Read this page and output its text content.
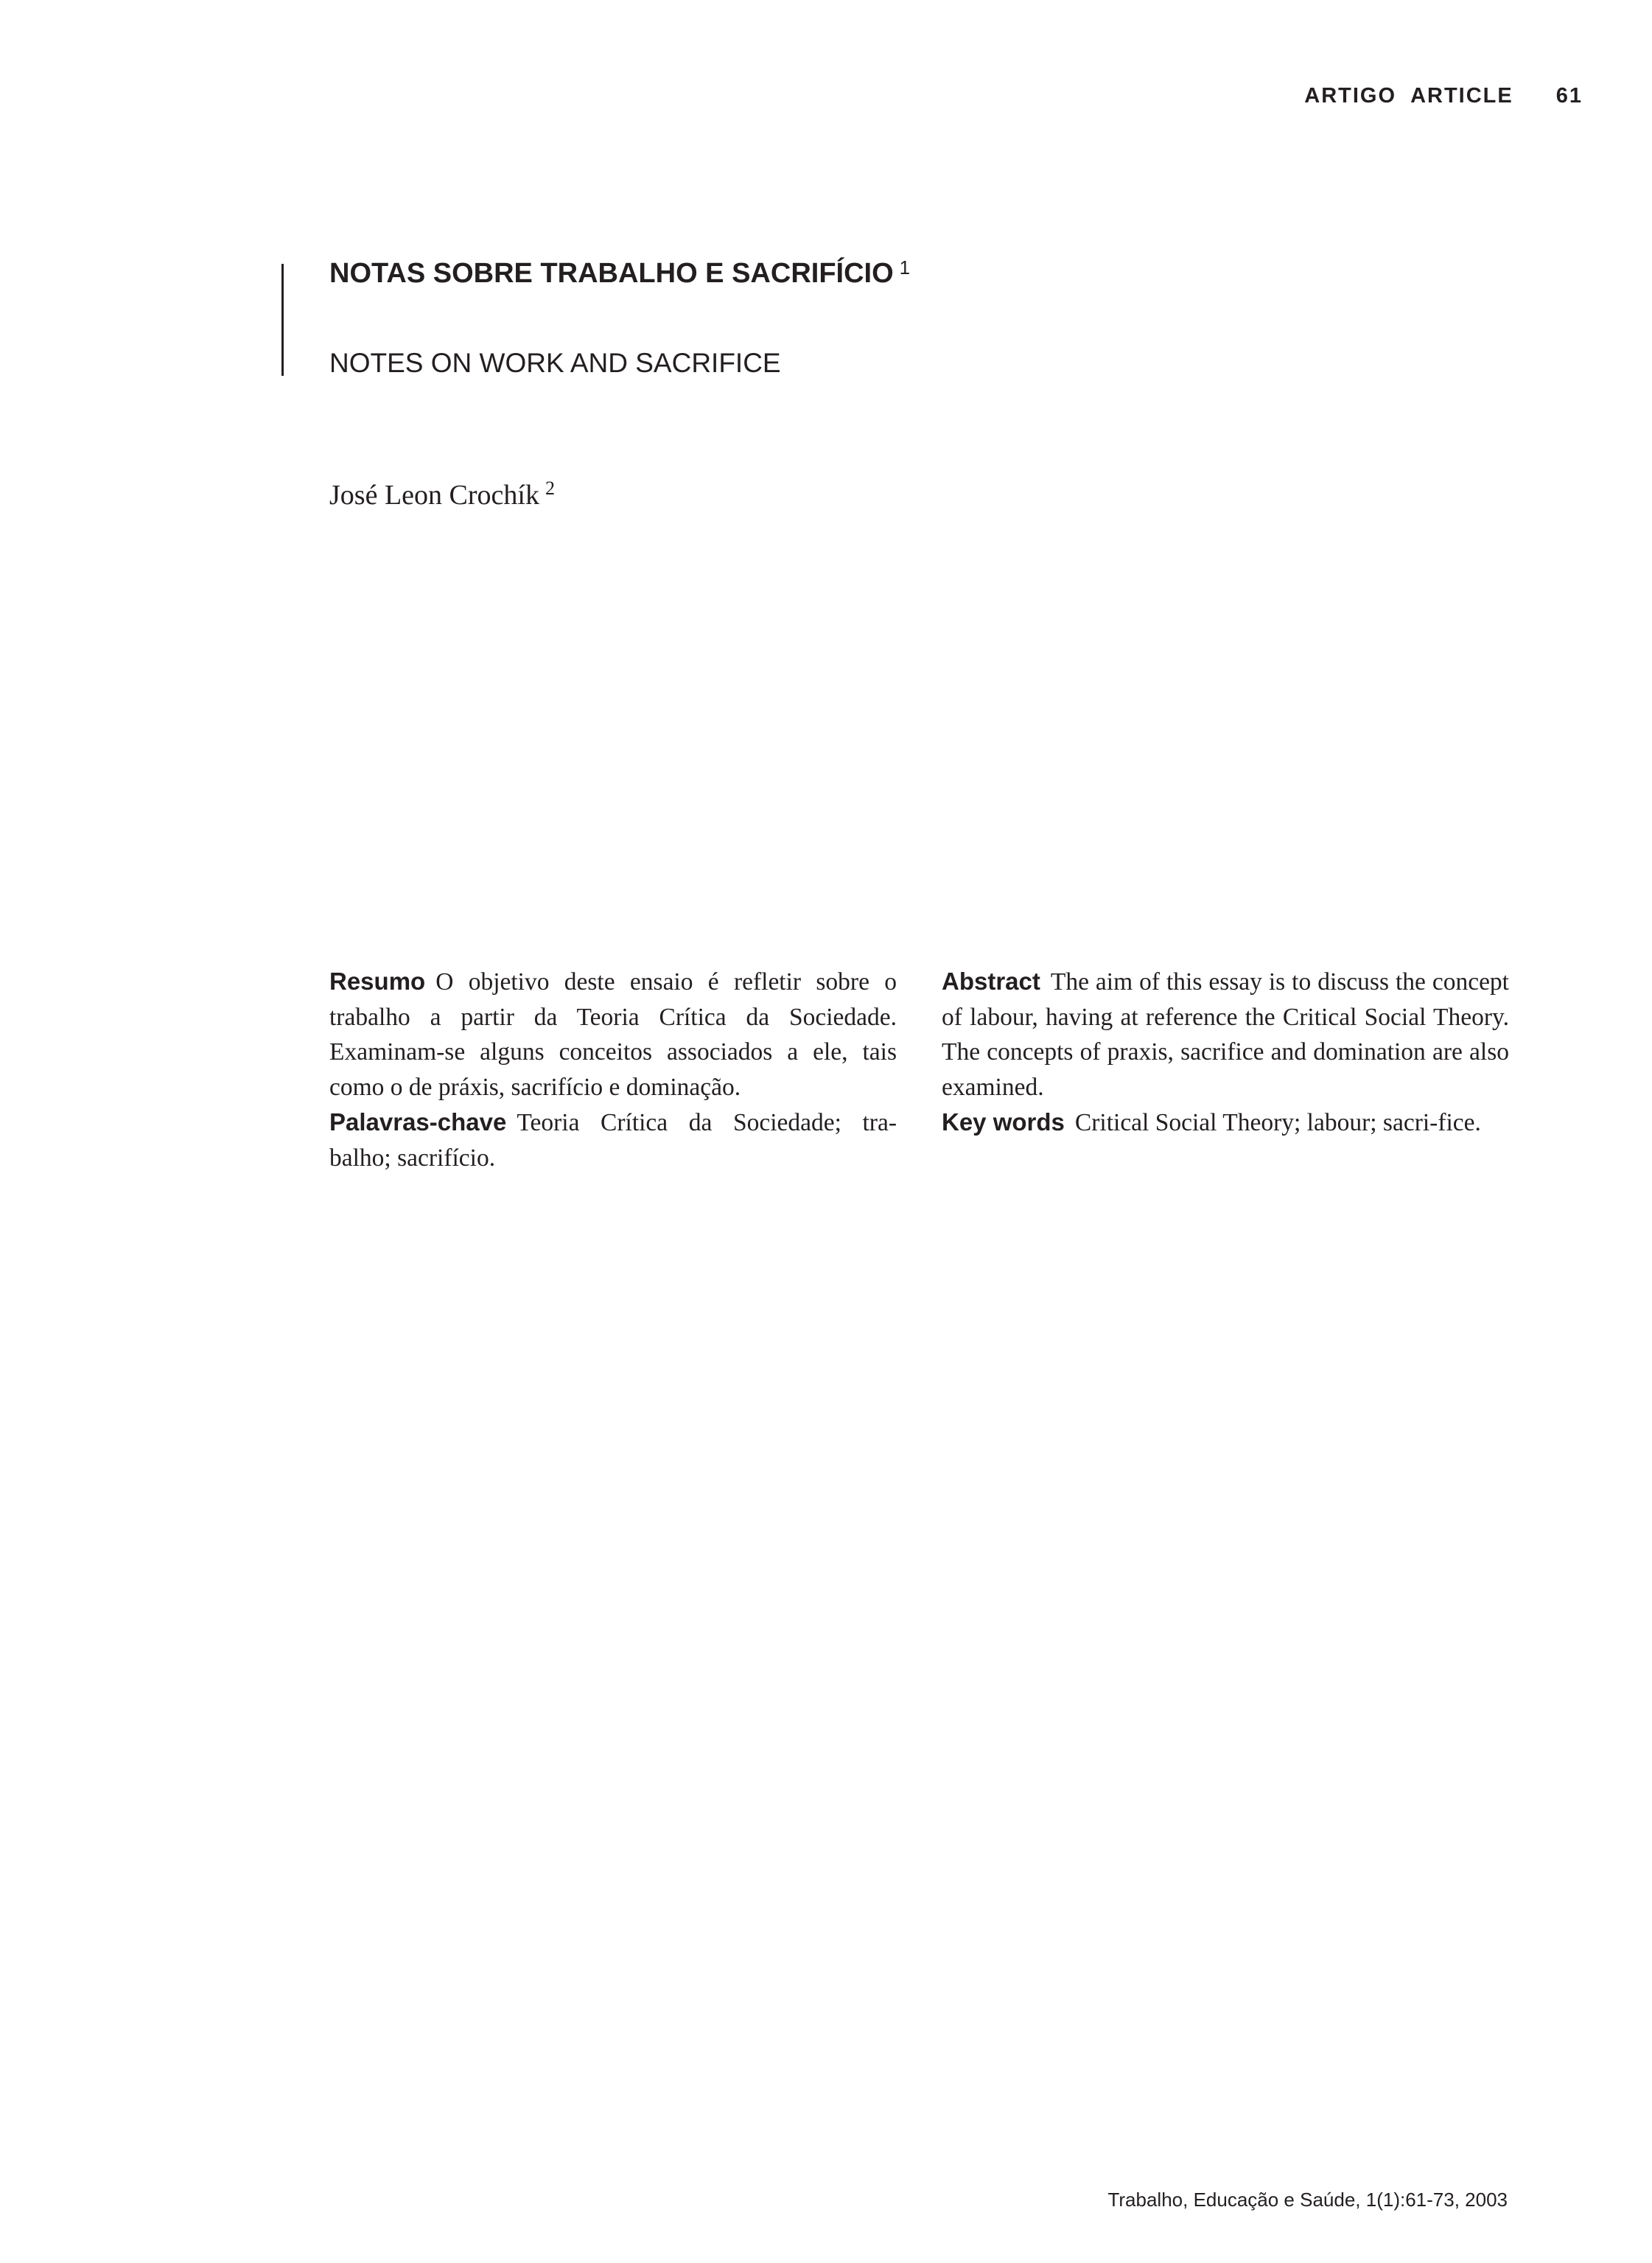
ARTIGO  ARTICLE 61
NOTAS SOBRE TRABALHO E SACRIFÍCIO $^1$
NOTES ON WORK AND SACRIFICE
José Leon Crochík $^2$

Resumo O objetivo deste ensaio é refletir sobre o trabalho a partir da Teoria Crítica da Sociedade. Examinam-se alguns conceitos associados a ele, tais como o de práxis, sacrifício e dominação.

Palavras-chave Teoria Crítica da Sociedade; tra-balho; sacrifício.

Abstract The aim of this essay is to discuss the concept of labour, having at reference the Critical Social Theory. The concepts of praxis, sacrifice and domination are also examined.

Key words Critical Social Theory; labour; sacri-fice.

Trabalho, Educação e Saúde, 1(1):61-73, 2003
